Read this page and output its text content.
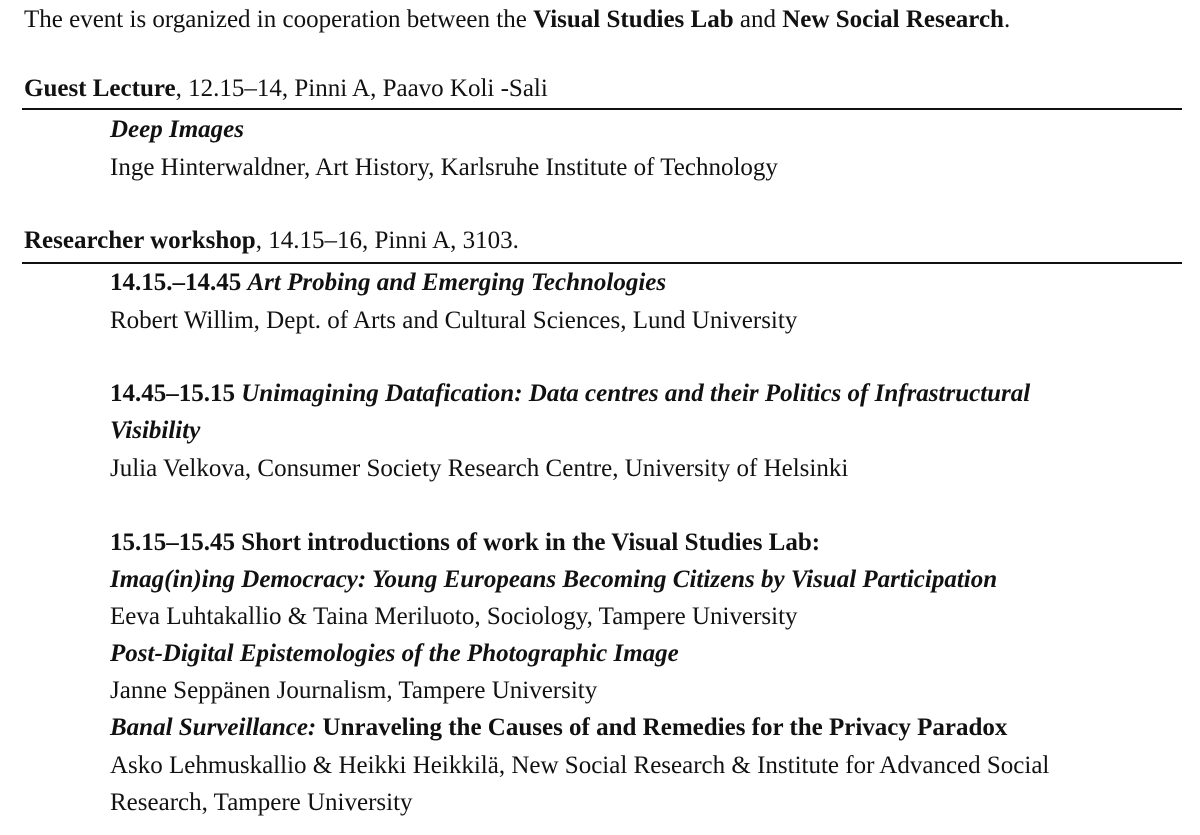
The event is organized in cooperation between the Visual Studies Lab and New Social Research.
Guest Lecture, 12.15–14, Pinni A, Paavo Koli -Sali
Deep Images
Inge Hinterwaldner, Art History, Karlsruhe Institute of Technology
Researcher workshop, 14.15–16, Pinni A, 3103.
14.15.–14.45 Art Probing and Emerging Technologies
Robert Willim, Dept. of Arts and Cultural Sciences, Lund University
14.45–15.15 Unimagining Datafication: Data centres and their Politics of Infrastructural
Visibility
Julia Velkova, Consumer Society Research Centre, University of Helsinki
15.15–15.45 Short introductions of work in the Visual Studies Lab:
Imag(in)ing Democracy: Young Europeans Becoming Citizens by Visual Participation
Eeva Luhtakallio & Taina Meriluoto, Sociology, Tampere University
Post-Digital Epistemologies of the Photographic Image
Janne Seppänen Journalism, Tampere University
Banal Surveillance: Unraveling the Causes of and Remedies for the Privacy Paradox
Asko Lehmuskallio & Heikki Heikkilä, New Social Research & Institute for Advanced Social
Research, Tampere University
